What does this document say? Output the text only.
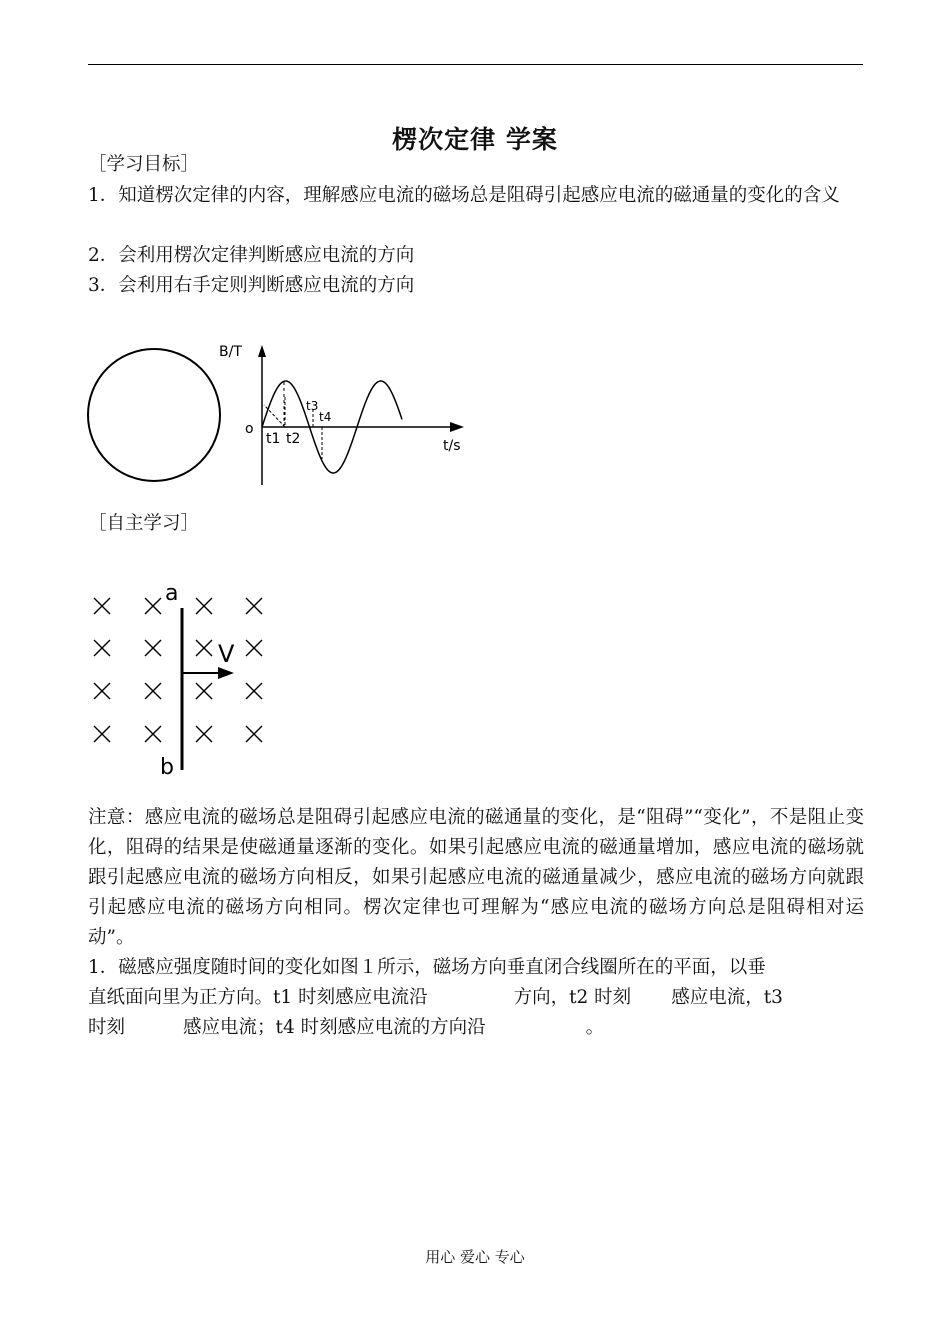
楞次定律 学案
［学习目标］
1．知道楞次定律的内容，理解感应电流的磁场总是阻碍引起感应电流的磁通量的变化的含义
2．会利用楞次定律判断感应电流的方向
3．会利用右手定则判断感应电流的方向
B/T
t/s
o
t1 t2
t3
t4
［自主学习］
a
b
V
注意：感应电流的磁场总是阻碍引起感应电流的磁通量的变化，是“阻碍”“变化”，不是阻止变化，阻碍的结果是使磁通量逐渐的变化。如果引起感应电流的磁通量增加，感应电流的磁场就跟引起感应电流的磁场方向相反，如果引起感应电流的磁通量减少，感应电流的磁场方向就跟引起感应电流的磁场方向相同。楞次定律也可理解为“感应电流的磁场方向总是阻碍相对运动”。
1．磁感应强度随时间的变化如图１所示，磁场方向垂直闭合线圈所在的平面，以垂
直纸面向里为正方向。t1 时刻感应电流沿	方向，t2 时刻 感应电流，t3
时刻	感应电流；t4 时刻感应电流的方向沿	。
用心 爱心 专心
